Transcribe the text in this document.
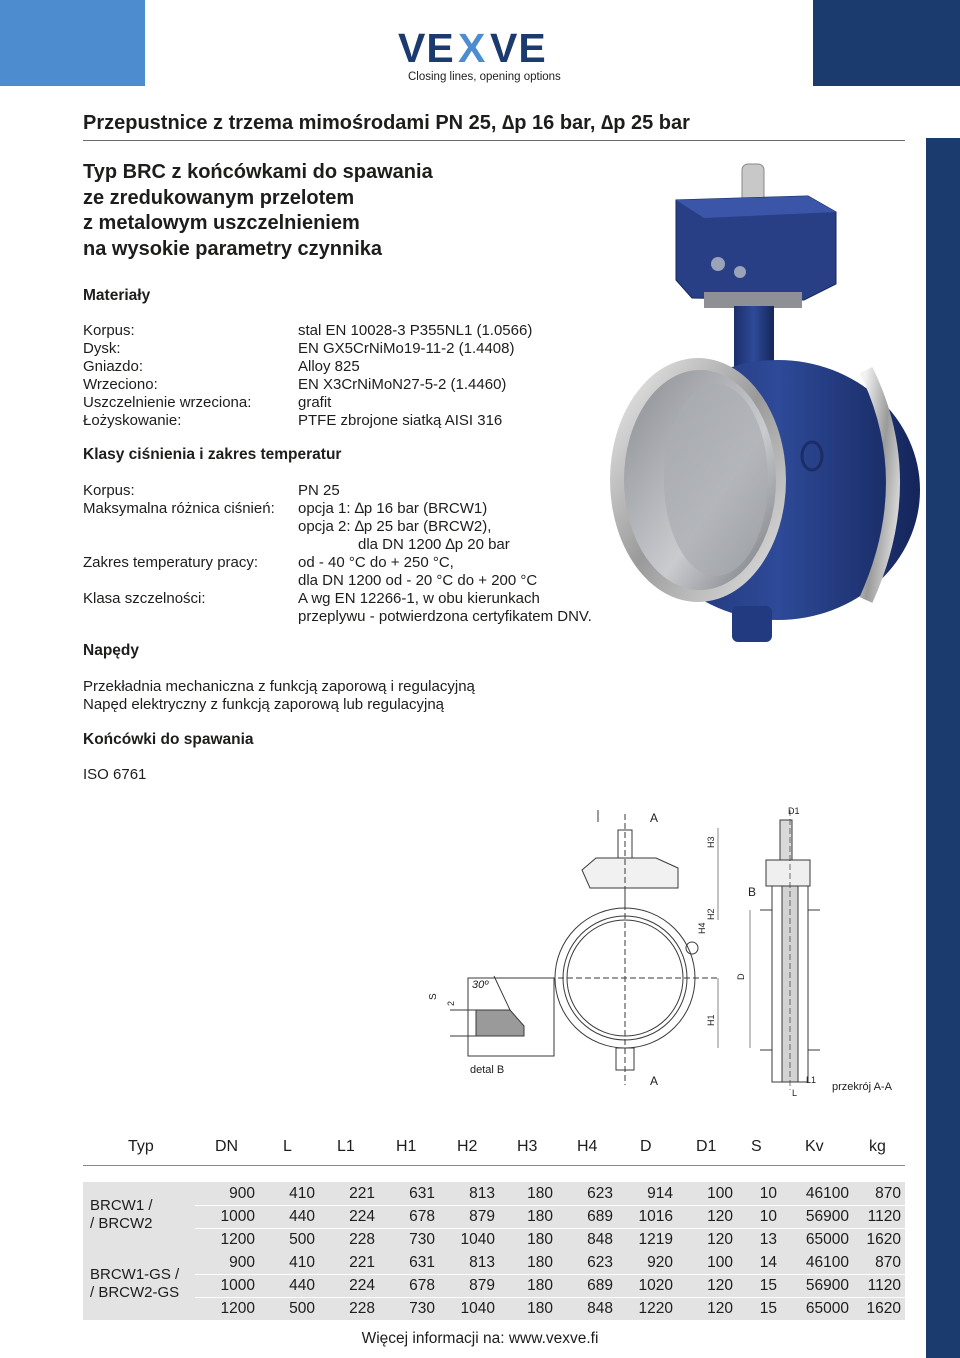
VE X VE
Closing lines, opening options
Przepustnice z trzema mimośrodami PN 25, ∆p 16 bar, ∆p 25 bar
Typ BRC z końcówkami do spawania
ze zredukowanym przelotem
z metalowym uszczelnieniem
na wysokie parametry czynnika
Materiały
Korpus:	stal EN 10028-3 P355NL1 (1.0566)
Dysk:	EN GX5CrNiMo19-11-2 (1.4408)
Gniazdo:	Alloy 825
Wrzeciono:	EN X3CrNiMoN27-5-2 (1.4460)
Uszczelnienie wrzeciona:	grafit
Łożyskowanie:	PTFE zbrojone siatką AISI 316
Klasy ciśnienia i zakres temperatur
Korpus:	PN 25
Maksymalna różnica ciśnień: opcja 1: ∆p 16 bar (BRCW1)
opcja 2: ∆p 25 bar (BRCW2),
dla DN 1200 ∆p 20 bar
Zakres temperatury pracy:	od - 40 °C do + 250 °C,
dla DN 1200 od - 20 °C do + 200 °C
Klasa szczelności:	A wg EN 12266-1, w obu kierunkach
przeplywu - potwierdzona certyfikatem DNV.
Napędy
Przekładnia mechaniczna z funkcją zaporową i regulacyjną
Napęd elektryczny z funkcją zaporową lub regulacyjną
Końcówki do spawania
ISO 6761
A
A
H3
H2
H4
H1
D
D1
B
L1
L	przekrój A-A
S
2
30º
detal B
Typ	DN	L	L1	H1	H2 H3 H4	D	D1 S	Kv	kg
BRCW1 /
/ BRCW2
900 410 221 631 813 180 623 914 100 10 46100 870
1000 440 224 678 879 180 689 1016 120 10 56900 1120
1200 500 228 730 1040 180 848 1219 120 13 65000 1620
BRCW1-GS /
/ BRCW2-GS
900 410 221 631 813 180 623 920 100 14 46100 870
1000 440 224 678 879 180 689 1020 120 15 56900 1120
1200 500 228 730 1040 180 848 1220 120 15 65000 1620
Więcej informacji na: www.vexve.fi
